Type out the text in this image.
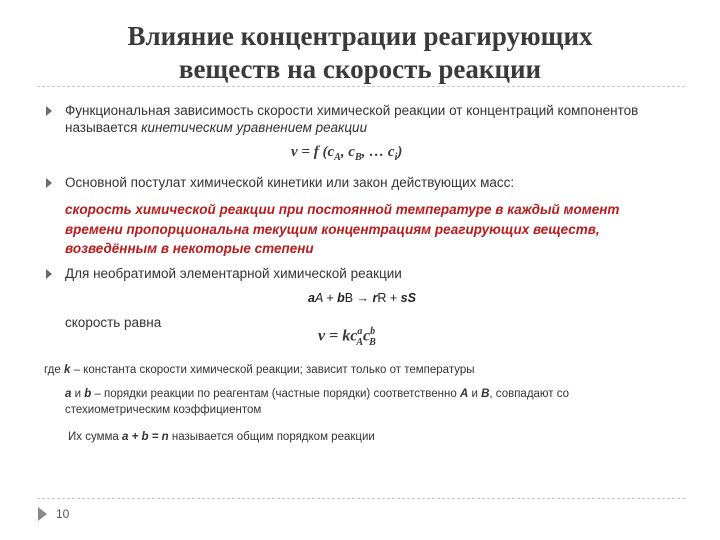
Влияние концентрации реагирующих
веществ на скорость реакции
Функциональная зависимость скорости химической реакции от концентраций компонентов называется кинетическим уравнением реакции
v = f ($c_A$, $c_B$, … $c_i$)
Основной постулат химической кинетики или закон действующих масс:
скорость химической реакции при постоянной температуре в каждый момент времени пропорциональна текущим концентрациям реагирующих веществ, возведённым в некоторые степени
Для необратимой элементарной химической реакции
aA + bB → rR + sS
скорость равна
$v = kc^a_Ac^b_B$
где k – константа скорости химической реакции; зависит только от температуры
a и b – порядки реакции по реагентам (частные порядки) соответственно A и B, совпадают со стехиометрическим коэффициентом
Их сумма a + b = n называется общим порядком реакции
10
